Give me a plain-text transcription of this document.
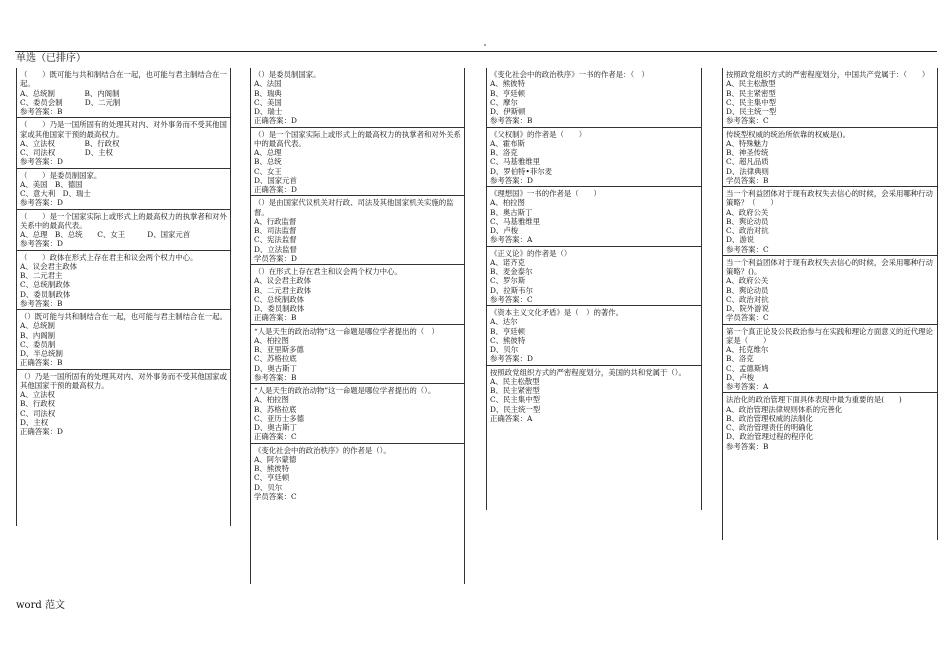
单选（已排序）
（　　）既可能与共和制结合在一起，也可能与君主制结合在一起。
A、总统制　　　　B、内阁制
C、委员会制　　　D、二元制
参考答案：B
（　　）乃是一国所固有的处理其对内、对外事务而不受其他国家或其他国家干预的最高权力。
A、立法权　　　　B、行政权
C、司法权　　　　D、主权
参考答案：D
（　　）是委员制国家。
A、美国　B、德国
C、意大利　D、瑞士
参考答案：D
（　　）是一个国家实际上或形式上的最高权力的执掌者和对外关系中的最高代表。
A、总理　B、总统　　C、女王　　　D、国家元首
参考答案：D
（　　）政体在形式上存在君主和议会两个权力中心。
A、议会君主政体
B、二元君主
C、总统制政体
D、委员制政体
参考答案：B
（）既可能与共和制结合在一起，也可能与君主制结合在一起。
A、总统制
B、内阁制
C、委员制
D、半总统制
正确答案：B
（）乃是一国所固有的处理其对内、对外事务而不受其他国家或其他国家干预的最高权力。
A、立法权
B、行政权
C、司法权
D、主权
正确答案：D
（）是委员制国家。
A、法国
B、瑞典
C、美国
D、瑞士
正确答案：D
（）是一个国家实际上或形式上的最高权力的执掌者和对外关系中的最高代表。
A、总理
B、总统
C、女王
D、国家元首
正确答案：D
（）是由国家代议机关对行政、司法及其他国家机关实施的监督。
A、行政监督
B、司法监督
C、宪法监督
D、立法监督
学员答案：D
（）在形式上存在君主和议会两个权力中心。
A、议会君主政体
B、二元君主政体
C、总统制政体
D、委员制政体
正确答案：B
“人是天生的政治动物”这一命题是哪位学者提出的（　）
A、柏拉图
B、亚里斯多德
C、苏格拉底
D、奥古斯丁
参考答案：B
“人是天生的政治动物”这一命题是哪位学者提出的（）。
A、柏拉图
B、苏格拉底
C、亚历士多德
D、奥古斯丁
正确答案：C
《变化社会中的政治秩序》的作者是（）。
A、阿尔蒙德
B、熊彼特
C、亨廷顿
D、贝尔
学员答案：C
《变化社会中的政治秩序》一书的作者是：（　）
A、熊彼特
B、亨廷顿
C、摩尔
D、伊斯顿
参考答案：B
《父权制》的作者是（　　）
A、霍布斯
B、洛克
C、马基雅维里
D、罗伯特•菲尔麦
参考答案：D
《理想国》一书的作者是（　　）
A、柏拉图
B、奥古斯丁
C、马基雅维里
D、卢梭
参考答案：A
《正义论》的作者是（）
A、诺齐克
B、麦金泰尔
C、罗尔斯
D、拉斯韦尔
参考答案：C
《资本主义文化矛盾》是（　）的著作。
A、达尔
B、亨廷顿
C、熊彼特
D、贝尔
参考答案：D
按照政党组织方式的严密程度划分，美国的共和党属于（）。
A、民主松散型
B、民主紧密型
C、民主集中型
D、民主统一型
正确答案：A
按照政党组织方式的严密程度划分，中国共产党属于：（　　）
A、民主松散型
B、民主紧密型
C、民主集中型
D、民主统一型
参考答案：C
传统型权威的统治所依靠的权威是()。
A、特殊魅力
B、神圣传统
C、超凡品质
D、法律典则
学员答案：B
当一个利益团体对于现有政权失去信心的时候，会采用哪种行动策略？（　　）
A、政府公关
B、舆论动员
C、政治对抗
D、游说
参考答案：C
当一个利益团体对于现有政权失去信心的时候，会采用哪种行动策略？()。
A、政府公关
B、舆论动员
C、政治对抗
D、院外游说
学员答案：C
第一个真正论及公民政治参与在实践和理论方面意义的近代理论家是（　　）
A、托克维尔
B、洛克
C、孟德斯鸠
D、卢梭
参考答案：A
法治化的政治管理下面具体表现中最为重要的是(　　)
A、政治管理法律规则体系的完善化
B、政治管理权威的法制化
C、政治管理责任的明确化
D、政治管理过程的程序化
参考答案：B
word 范文
